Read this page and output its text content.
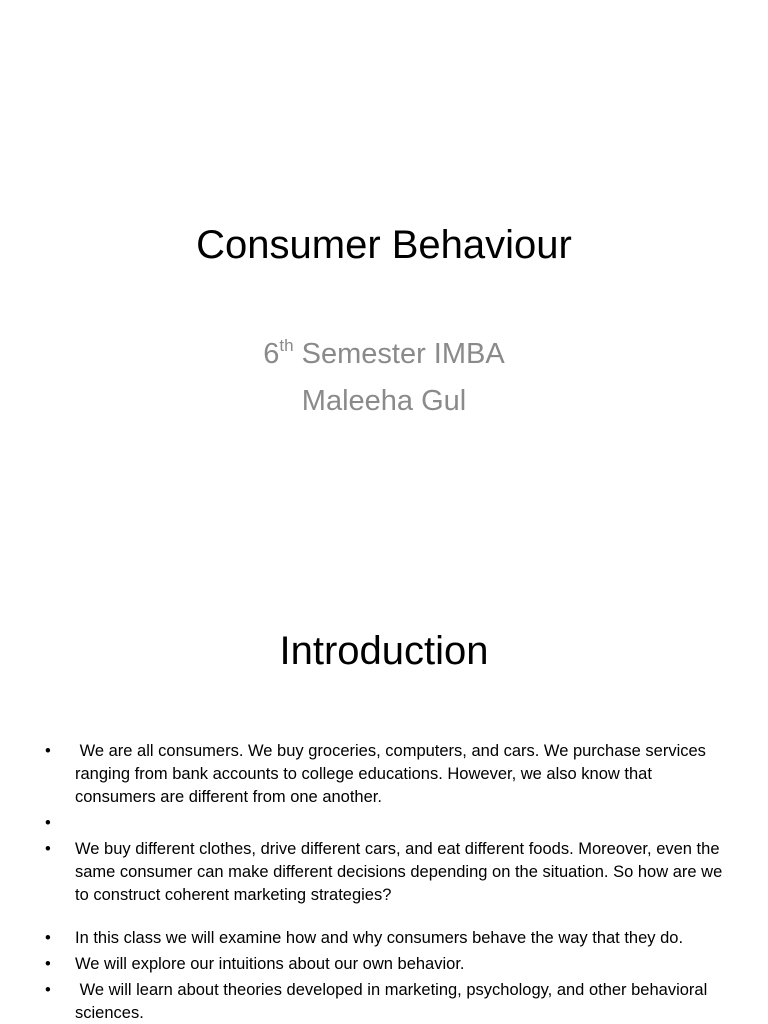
Consumer Behaviour
6th Semester IMBA
Maleeha Gul
Introduction
• We are all consumers. We buy groceries, computers, and cars. We purchase services ranging from bank accounts to college educations. However, we also know that consumers are different from one another.
•
• We buy different clothes, drive different cars, and eat different foods. Moreover, even the same consumer can make different decisions depending on the situation. So how are we to construct coherent marketing strategies?
• In this class we will examine how and why consumers behave the way that they do.
• We will explore our intuitions about our own behavior.
• We will learn about theories developed in marketing, psychology, and other behavioral sciences.
